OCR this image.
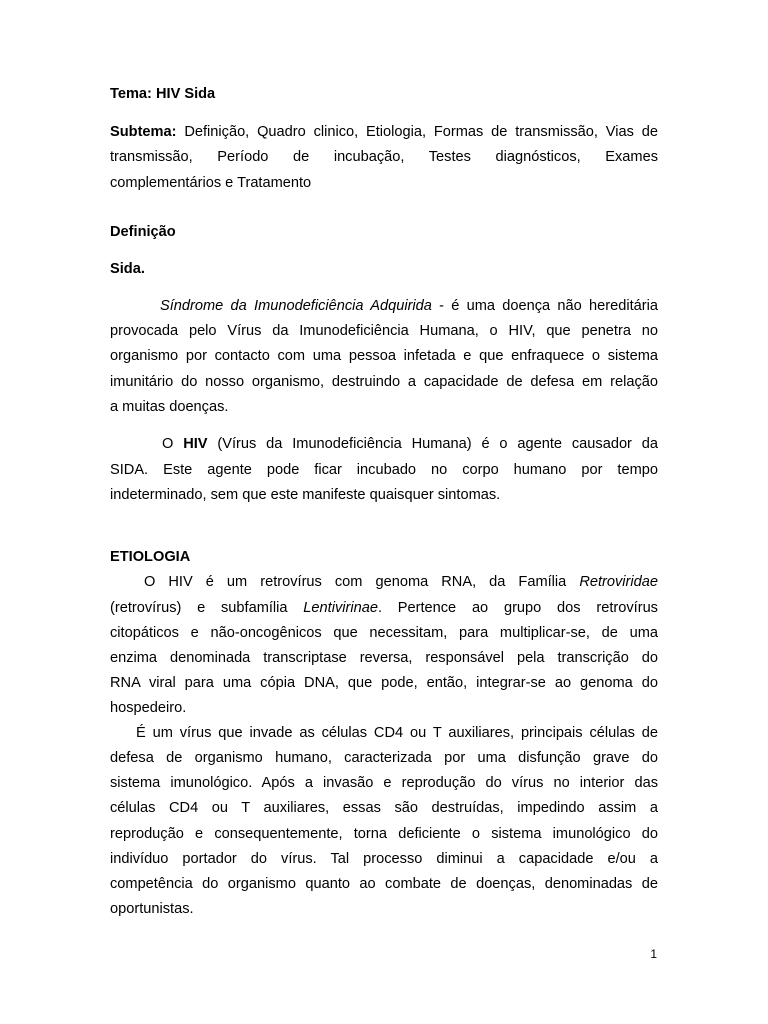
Tema: HIV Sida
Subtema: Definição, Quadro clinico, Etiologia, Formas de transmissão, Vias de
transmissão, Período de incubação, Testes diagnósticos, Exames
complementários e Tratamento
Definição
Sida.
Síndrome da Imunodeficiência Adquirida - é uma doença não hereditária
provocada pelo Vírus da Imunodeficiência Humana, o HIV, que penetra no
organismo por contacto com uma pessoa infetada e que enfraquece o sistema
imunitário do nosso organismo, destruindo a capacidade de defesa em relação
a muitas doenças.
O HIV (Vírus da Imunodeficiência Humana) é o agente causador da
SIDA. Este agente pode ficar incubado no corpo humano por tempo
indeterminado, sem que este manifeste quaisquer sintomas.
ETIOLOGIA
O HIV é um retrovírus com genoma RNA, da Família Retroviridae
(retrovírus) e subfamília Lentivirinae. Pertence ao grupo dos retrovírus
citopáticos e não-oncogênicos que necessitam, para multiplicar-se, de uma
enzima denominada transcriptase reversa, responsável pela transcrição do
RNA viral para uma cópia DNA, que pode, então, integrar-se ao genoma do
hospedeiro.
É um vírus que invade as células CD4 ou T auxiliares, principais células de
defesa de organismo humano, caracterizada por uma disfunção grave do
sistema imunológico. Após a invasão e reprodução do vírus no interior das
células CD4 ou T auxiliares, essas são destruídas, impedindo assim a
reprodução e consequentemente, torna deficiente o sistema imunológico do
indivíduo portador do vírus. Tal processo diminui a capacidade e/ou a
competência do organismo quanto ao combate de doenças, denominadas de
oportunistas.
1
